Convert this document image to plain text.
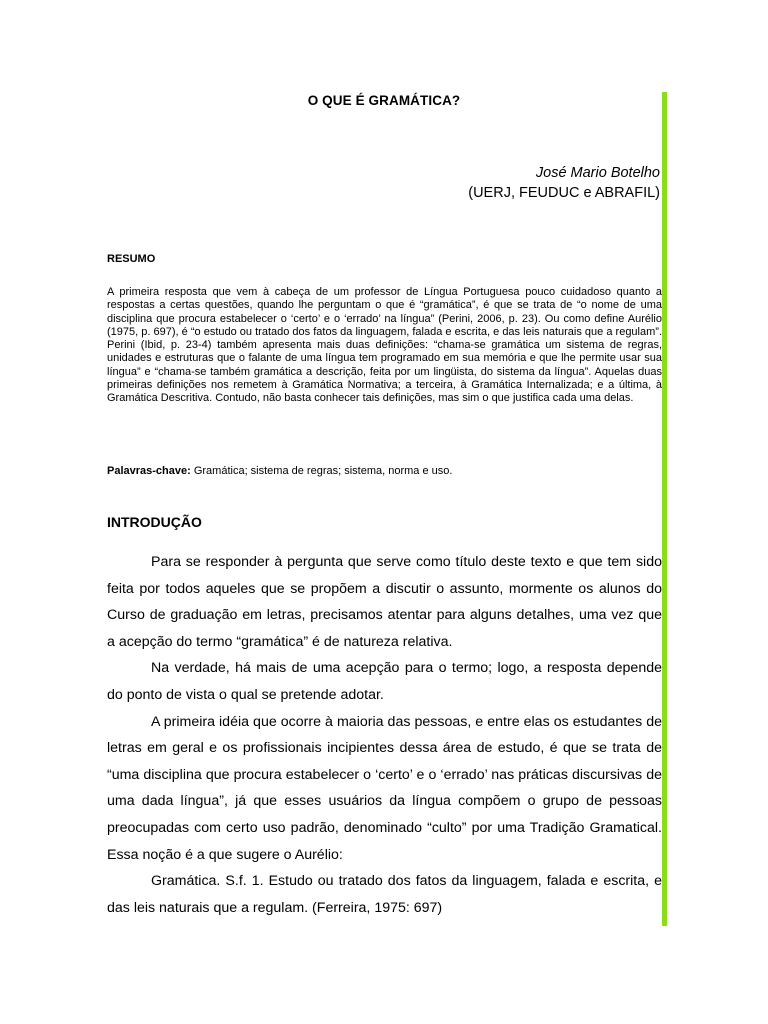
O QUE É GRAMÁTICA?
José Mario Botelho
(UERJ, FEUDUC e ABRAFIL)
RESUMO

A primeira resposta que vem à cabeça de um professor de Língua Portuguesa pouco cuidadoso quanto a respostas a certas questões, quando lhe perguntam o que é “gramática”, é que se trata de “o nome de uma disciplina que procura estabelecer o ‘certo’ e o ‘errado’ na língua” (Perini, 2006, p. 23). Ou como define Aurélio (1975, p. 697), é “o estudo ou tratado dos fatos da linguagem, falada e escrita, e das leis naturais que a regulam”. Perini (Ibid, p. 23-4) também apresenta mais duas definições: “chama-se gramática um sistema de regras, unidades e estruturas que o falante de uma língua tem programado em sua memória e que lhe permite usar sua língua” e “chama-se também gramática a descrição, feita por um lingüista, do sistema da língua”. Aquelas duas primeiras definições nos remetem à Gramática Normativa; a terceira, à Gramática Internalizada; e a última, à Gramática Descritiva. Contudo, não basta conhecer tais definições, mas sim o que justifica cada uma delas.

Palavras-chave: Gramática; sistema de regras; sistema, norma e uso.
INTRODUÇÃO

Para se responder à pergunta que serve como título deste texto e que tem sido feita por todos aqueles que se propõem a discutir o assunto, mormente os alunos do Curso de graduação em letras, precisamos atentar para alguns detalhes, uma vez que a acepção do termo “gramática” é de natureza relativa.

Na verdade, há mais de uma acepção para o termo; logo, a resposta depende do ponto de vista o qual se pretende adotar.

A primeira idéia que ocorre à maioria das pessoas, e entre elas os estudantes de letras em geral e os profissionais incipientes dessa área de estudo, é que se trata de “uma disciplina que procura estabelecer o ‘certo’ e o ‘errado’ nas práticas discursivas de uma dada língua”, já que esses usuários da língua compõem o grupo de pessoas preocupadas com certo uso padrão, denominado “culto” por uma Tradição Gramatical. Essa noção é a que sugere o Aurélio:

Gramática. S.f. 1. Estudo ou tratado dos fatos da linguagem, falada e escrita, e das leis naturais que a regulam. (Ferreira, 1975: 697)
